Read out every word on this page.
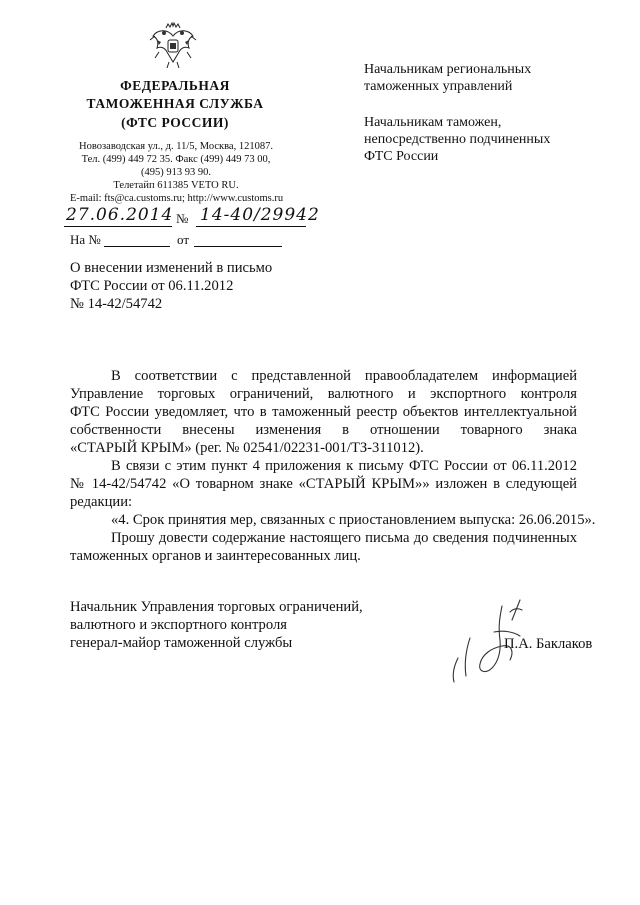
ФЕДЕРАЛЬНАЯ
ТАМОЖЕННАЯ СЛУЖБА
(ФТС РОССИИ)
Новозаводская ул., д. 11/5, Москва, 121087.
Тел. (499) 449 72 35. Факс (499) 449 73 00,
(495) 913 93 90.
Телетайп 611385 VETO RU.
E-mail: fts@ca.customs.ru; http://www.customs.ru
27.06.2014 № 14-40/29942
На №	от
Начальникам региональных
таможенных управлений
Начальникам таможен,
непосредственно подчиненных
ФТС России
О внесении изменений в письмо
ФТС России от 06.11.2012
№ 14-42/54742
В соответствии с представленной правообладателем информацией
Управление торговых ограничений, валютного и экспортного контроля
ФТС России уведомляет, что в таможенный реестр объектов интеллектуальной
собственности внесены изменения в отношении товарного знака
«СТАРЫЙ КРЫМ» (рег. № 02541/02231-001/ТЗ-311012).
В связи с этим пункт 4 приложения к письму ФТС России от 06.11.2012
№ 14-42/54742 «О товарном знаке «СТАРЫЙ КРЫМ»» изложен в следующей
редакции:
«4. Срок принятия мер, связанных с приостановлением выпуска: 26.06.2015».
Прошу довести содержание настоящего письма до сведения подчиненных
таможенных органов и заинтересованных лиц.
Начальник Управления торговых ограничений,
валютного и экспортного контроля
генерал-майор таможенной службы	П.А. Баклаков
